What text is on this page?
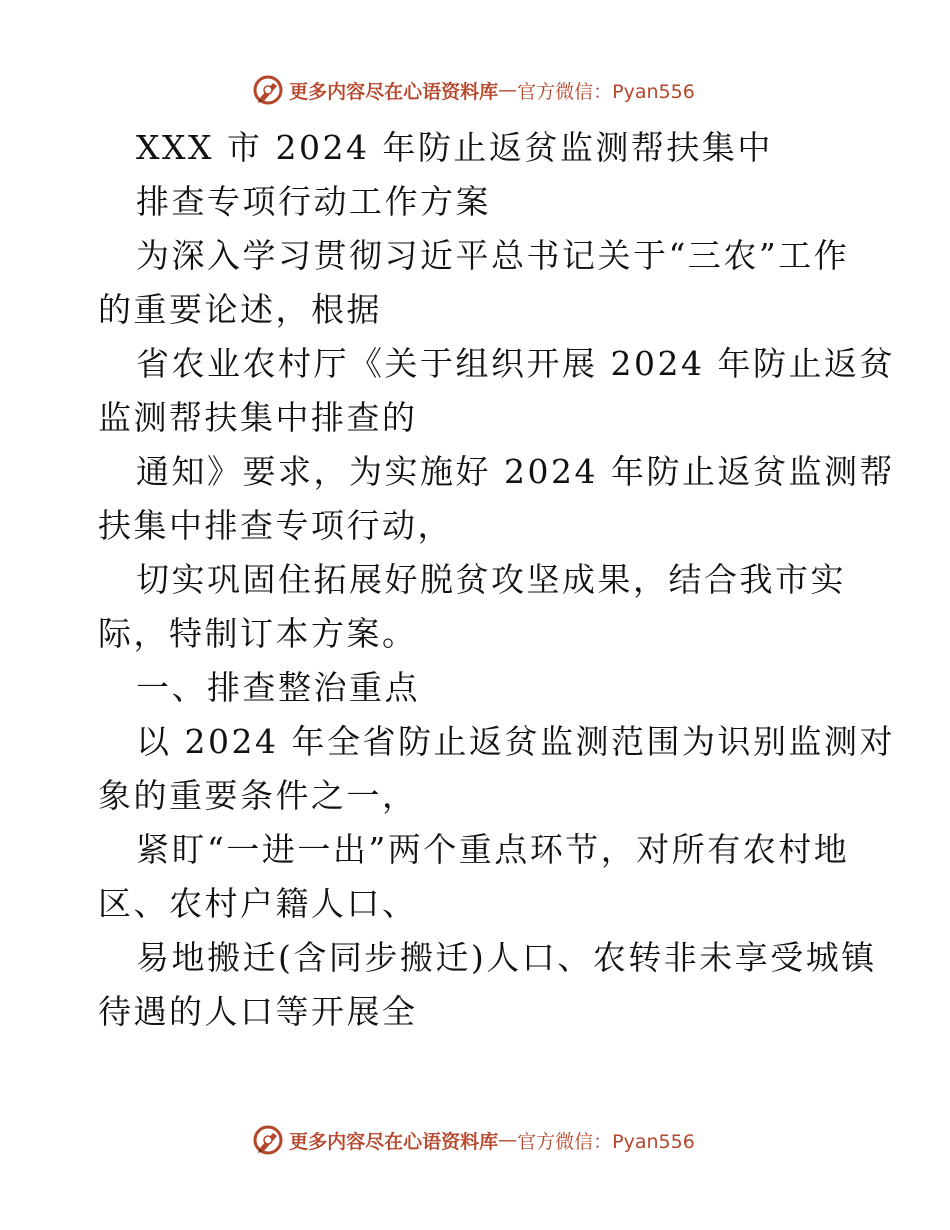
更多内容尽在心语资料库 — 官方微信：Pyan556
XXX 市 2024 年防止返贫监测帮扶集中
排查专项行动工作方案
为深入学习贯彻习近平总书记关于“三农”工作
的重要论述，根据
省农业农村厅《关于组织开展 2024 年防止返贫
监测帮扶集中排查的
通知》要求，为实施好 2024 年防止返贫监测帮
扶集中排查专项行动，
切实巩固住拓展好脱贫攻坚成果，结合我市实
际，特制订本方案。
一、排查整治重点
以 2024 年全省防止返贫监测范围为识别监测对
象的重要条件之一，
紧盯“一进一出”两个重点环节，对所有农村地
区、农村户籍人口、
易地搬迁(含同步搬迁)人口、农转非未享受城镇
待遇的人口等开展全
更多内容尽在心语资料库 — 官方微信：Pyan556
